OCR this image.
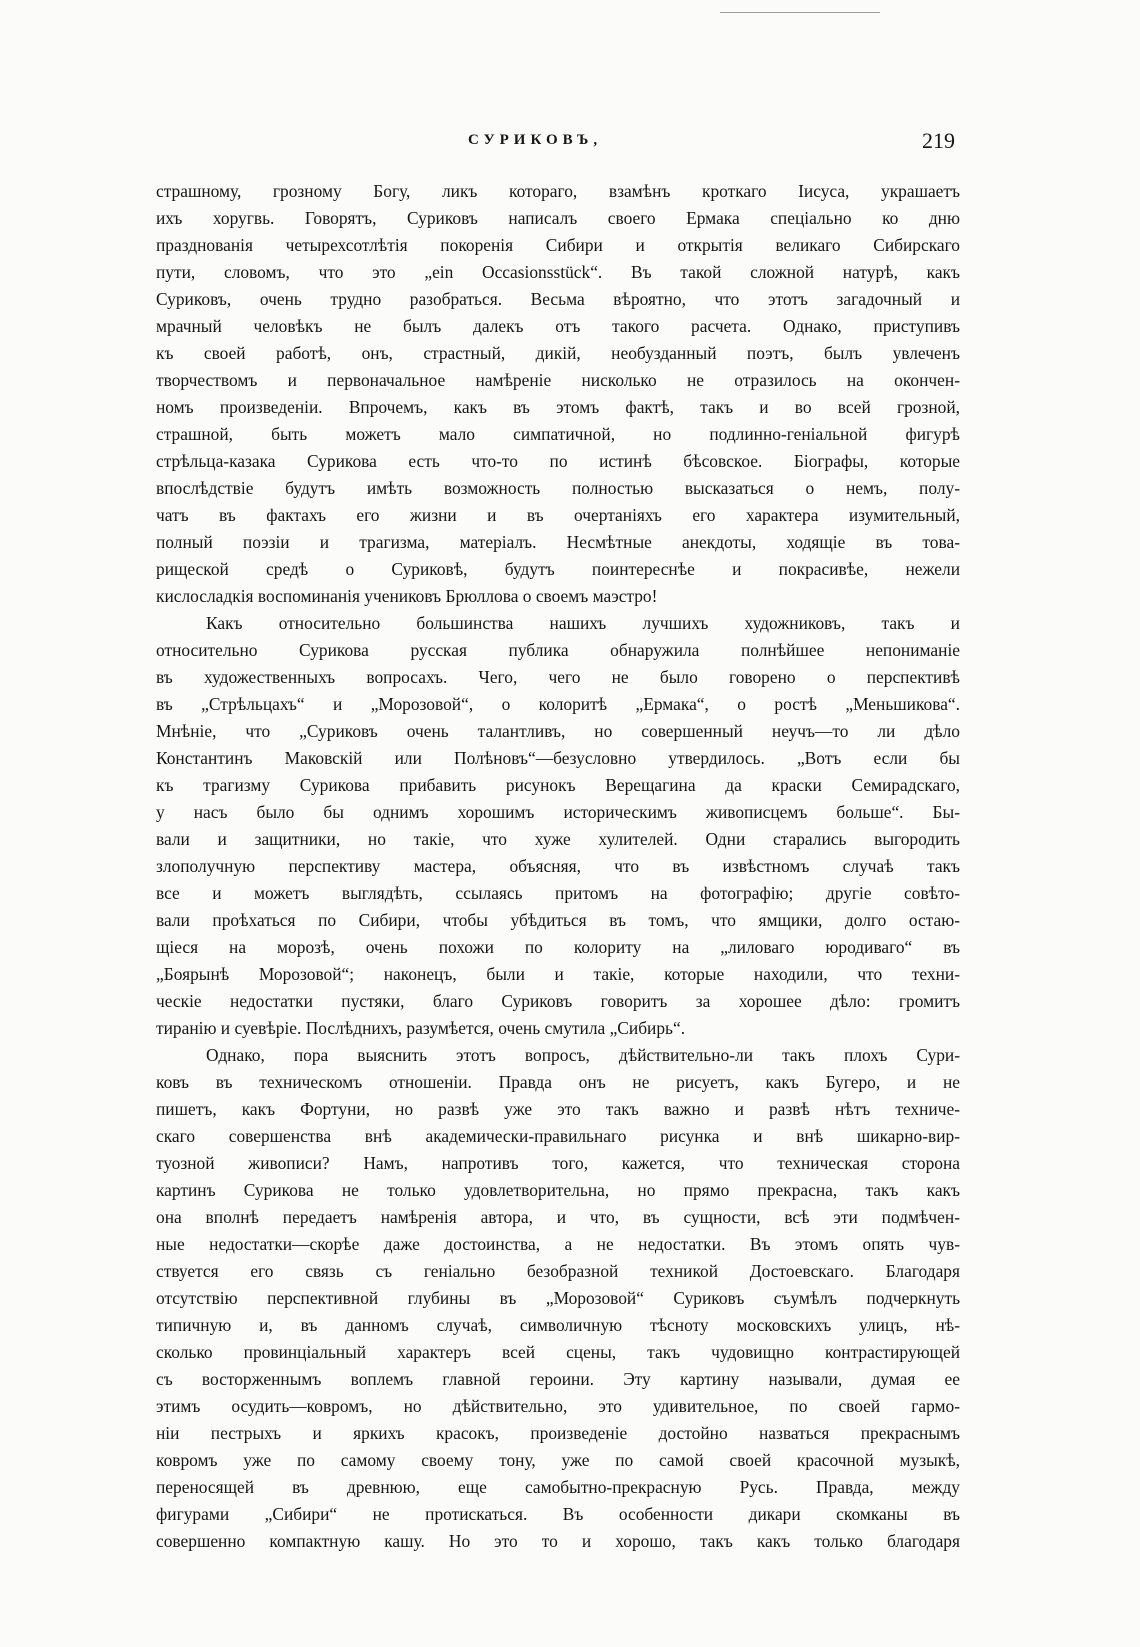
СУРИКОВЪ,	219
страшному, грозному Богу, ликъ котораго, взамѣнъ кроткаго Іисуса, украшаетъ
ихъ хоругвь. Говорятъ, Суриковъ написалъ своего Ермака спеціально ко дню
празднованія четырехсотлѣтія покоренія Сибири и открытія великаго Сибирскаго
пути, словомъ, что это „ein Occasionsstück“. Въ такой сложной натурѣ, какъ
Суриковъ, очень трудно разобраться. Весьма вѣроятно, что этотъ загадочный и
мрачный человѣкъ не былъ далекъ отъ такого расчета. Однако, приступивъ
къ своей работѣ, онъ, страстный, дикій, необузданный поэтъ, былъ увлеченъ
творчествомъ и первоначальное намѣреніе нисколько не отразилось на окончен-
номъ произведеніи. Впрочемъ, какъ въ этомъ фактѣ, такъ и во всей грозной,
страшной, быть можетъ мало симпатичной, но подлинно-геніальной фигурѣ
стрѣльца-казака Сурикова есть что-то по истинѣ бѣсовское. Біографы, которые
впослѣдствіе будутъ имѣть возможность полностью высказаться о немъ, полу-
чатъ въ фактахъ его жизни и въ очертаніяхъ его характера изумительный,
полный поэзіи и трагизма, матеріалъ. Несмѣтные анекдоты, ходящіе въ това-
рищеской средѣ о Суриковѣ, будутъ поинтереснѣе и покрасивѣе, нежели
кислосладкія воспоминанія учениковъ Брюллова о своемъ маэстро!
Какъ относительно большинства нашихъ лучшихъ художниковъ, такъ и
относительно Сурикова русская публика обнаружила полнѣйшее непониманіе
въ художественныхъ вопросахъ. Чего, чего не было говорено о перспективѣ
въ „Стрѣльцахъ“ и „Морозовой“, о колоритѣ „Ермака“, о ростѣ „Меньшикова“.
Мнѣніе, что „Суриковъ очень талантливъ, но совершенный неучъ—то ли дѣло
Константинъ Маковскій или Полѣновъ“—безусловно утвердилось. „Вотъ если бы
къ трагизму Сурикова прибавить рисунокъ Верещагина да краски Семирадскаго,
у насъ было бы однимъ хорошимъ историческимъ живописцемъ больше“. Бы-
вали и защитники, но такіе, что хуже хулителей. Одни старались выгородить
злополучную перспективу мастера, объясняя, что въ извѣстномъ случаѣ такъ
все и можетъ выглядѣть, ссылаясь притомъ на фотографію; другіе совѣто-
вали проѣхаться по Сибири, чтобы убѣдиться въ томъ, что ямщики, долго остаю-
щіеся на морозѣ, очень похожи по колориту на „лиловаго юродиваго“ въ
„Боярынѣ Морозовой“; наконецъ, были и такіе, которые находили, что техни-
ческіе недостатки пустяки, благо Суриковъ говоритъ за хорошее дѣло: громитъ
тиранію и суевѣріе. Послѣднихъ, разумѣется, очень смутила „Сибирь“.
Однако, пора выяснить этотъ вопросъ, дѣйствительно-ли такъ плохъ Сури-
ковъ въ техническомъ отношеніи. Правда онъ не рисуетъ, какъ Бугеро, и не
пишетъ, какъ Фортуни, но развѣ уже это такъ важно и развѣ нѣтъ техниче-
скаго совершенства внѣ академически-правильнаго рисунка и внѣ шикарно-вир-
туозной живописи? Намъ, напротивъ того, кажется, что техническая сторона
картинъ Сурикова не только удовлетворительна, но прямо прекрасна, такъ какъ
она вполнѣ передаетъ намѣренія автора, и что, въ сущности, всѣ эти подмѣчен-
ные недостатки—скорѣе даже достоинства, а не недостатки. Въ этомъ опять чув-
ствуется его связь съ геніально безобразной техникой Достоевскаго. Благодаря
отсутствію перспективной глубины въ „Морозовой“ Суриковъ съумѣлъ подчеркнуть
типичную и, въ данномъ случаѣ, символичную тѣсноту московскихъ улицъ, нѣ-
сколько провинціальный характеръ всей сцены, такъ чудовищно контрастирующей
съ восторженнымъ воплемъ главной героини. Эту картину называли, думая ее
этимъ осудить—ковромъ, но дѣйствительно, это удивительное, по своей гармо-
ніи пестрыхъ и яркихъ красокъ, произведеніе достойно назваться прекраснымъ
ковромъ уже по самому своему тону, уже по самой своей красочной музыкѣ,
переносящей въ древнюю, еще самобытно-прекрасную Русь. Правда, между
фигурами „Сибири“ не протискаться. Въ особенности дикари скомканы въ
совершенно компактную кашу. Но это то и хорошо, такъ какъ только благодаря
